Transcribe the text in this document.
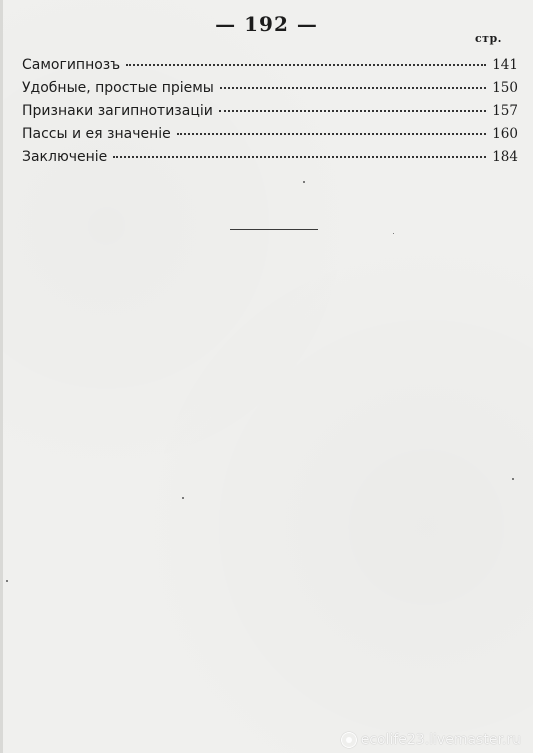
— 192 —
стр.
Самогипнозъ	141
Удобные, простые пріемы	150
Признаки загипнотизаціи	157
Пассы и ея значеніе	160
Заключеніе	184
ecolife23.livemaster.ru
